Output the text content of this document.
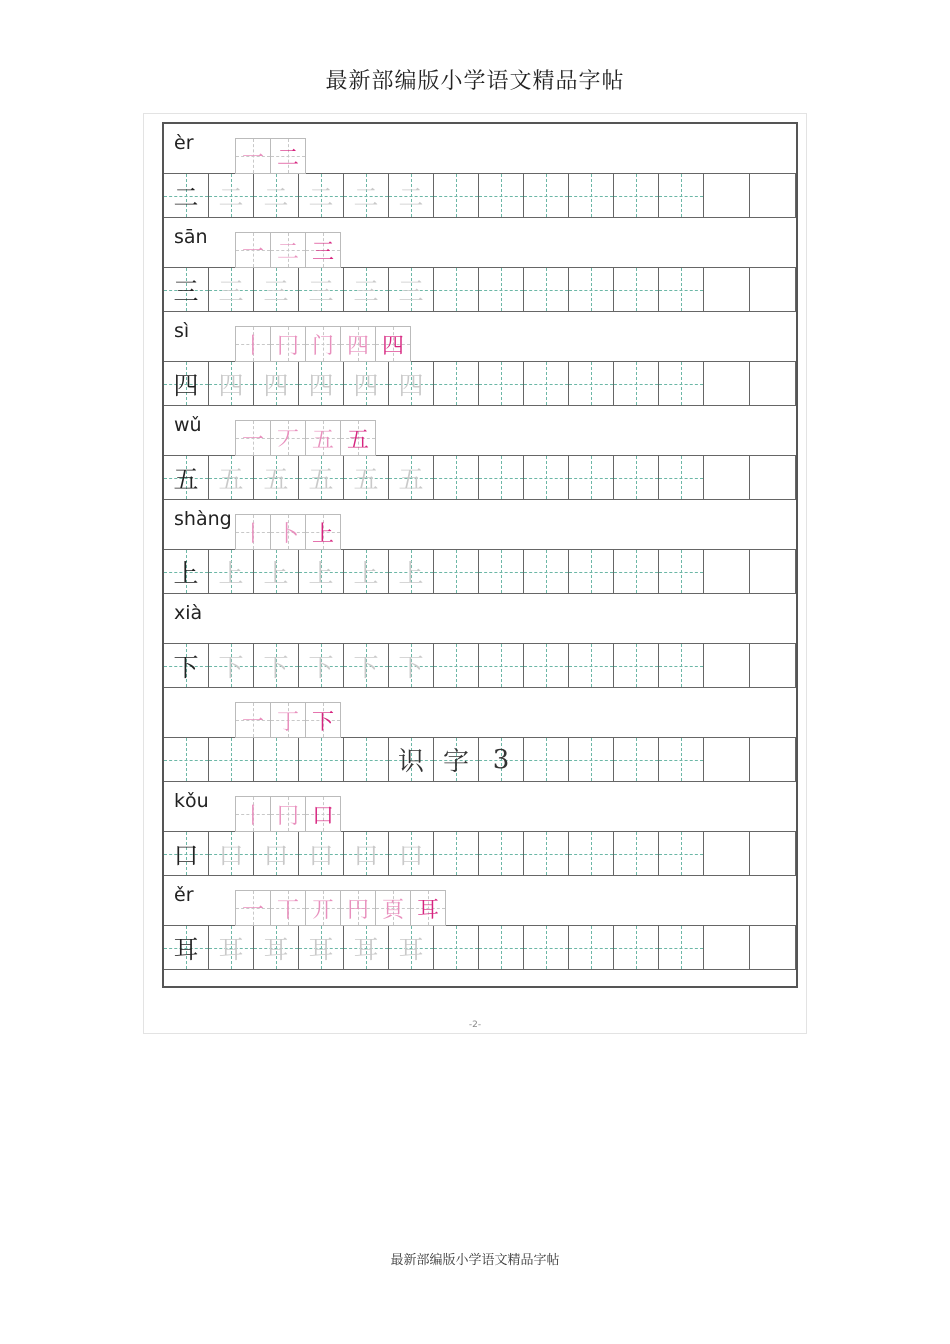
最新部编版小学语文精品字帖
-2-
èr
一 二
二 二 二 二 二 二
sān
一 二 三
三 三 三 三 三 三
sì
丨 冂 门 四 四
四 四 四 四 四 四
wǔ
一 丆 五 五
五 五 五 五 五 五
shàng
丨 卜 上
上 上 上 上 上 上
xià
下 下 下 下 下 下
一 丁 下
识 字 3
kǒu
丨 冂 口
口 口 口 口 口 口
ěr
一 丅 丌 円 頁 耳
耳 耳 耳 耳 耳 耳
最新部编版小学语文精品字帖
